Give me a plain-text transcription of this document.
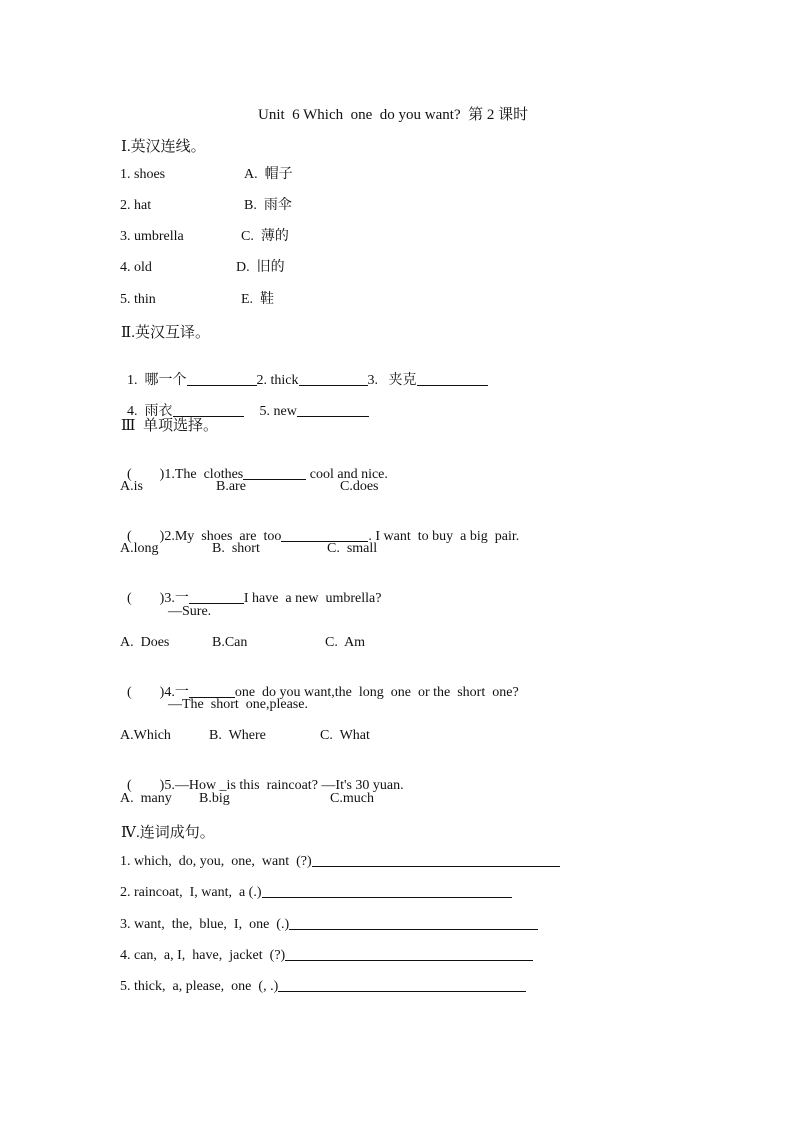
Unit  6 Which  one  do you want?  第 2 课时
Ⅰ.英汉连线。
1. shoes	A.  帽子
2. hat	B.  雨伞
3. umbrella	C.  薄的
4. old	D.  旧的
5. thin	E.  鞋
Ⅱ.英汉互译。

1.  哪一个	2. thick	3.   夹克

4.  雨衣	5. new

Ⅲ  单项选择。

(        )1.The  clothes	cool and nice.

A.is	B.are	C.does

(        )2.My  shoes  are  too	. I want  to buy  a big  pair.

A.long	B.  short	C.  small

(        )3.一	I have  a new  umbrella?

—Sure.
A.  Does	B.Can	C.  Am

(        )4.一	one  do you want,the  long  one  or the  short  one?

—The  short  one,please.
A.Which	B.  Where	C.  What

(        )5.—How _is this  raincoat? —It's 30 yuan.

A.  many B.big	C.much
Ⅳ.连词成句。
1. which,  do, you,  one,  want  (?)
2. raincoat,  I, want,  a (.)
3. want,  the,  blue,  I,  one  (.)
4. can,  a, I,  have,  jacket  (?)
5. thick,  a, please,  one  (, .)
